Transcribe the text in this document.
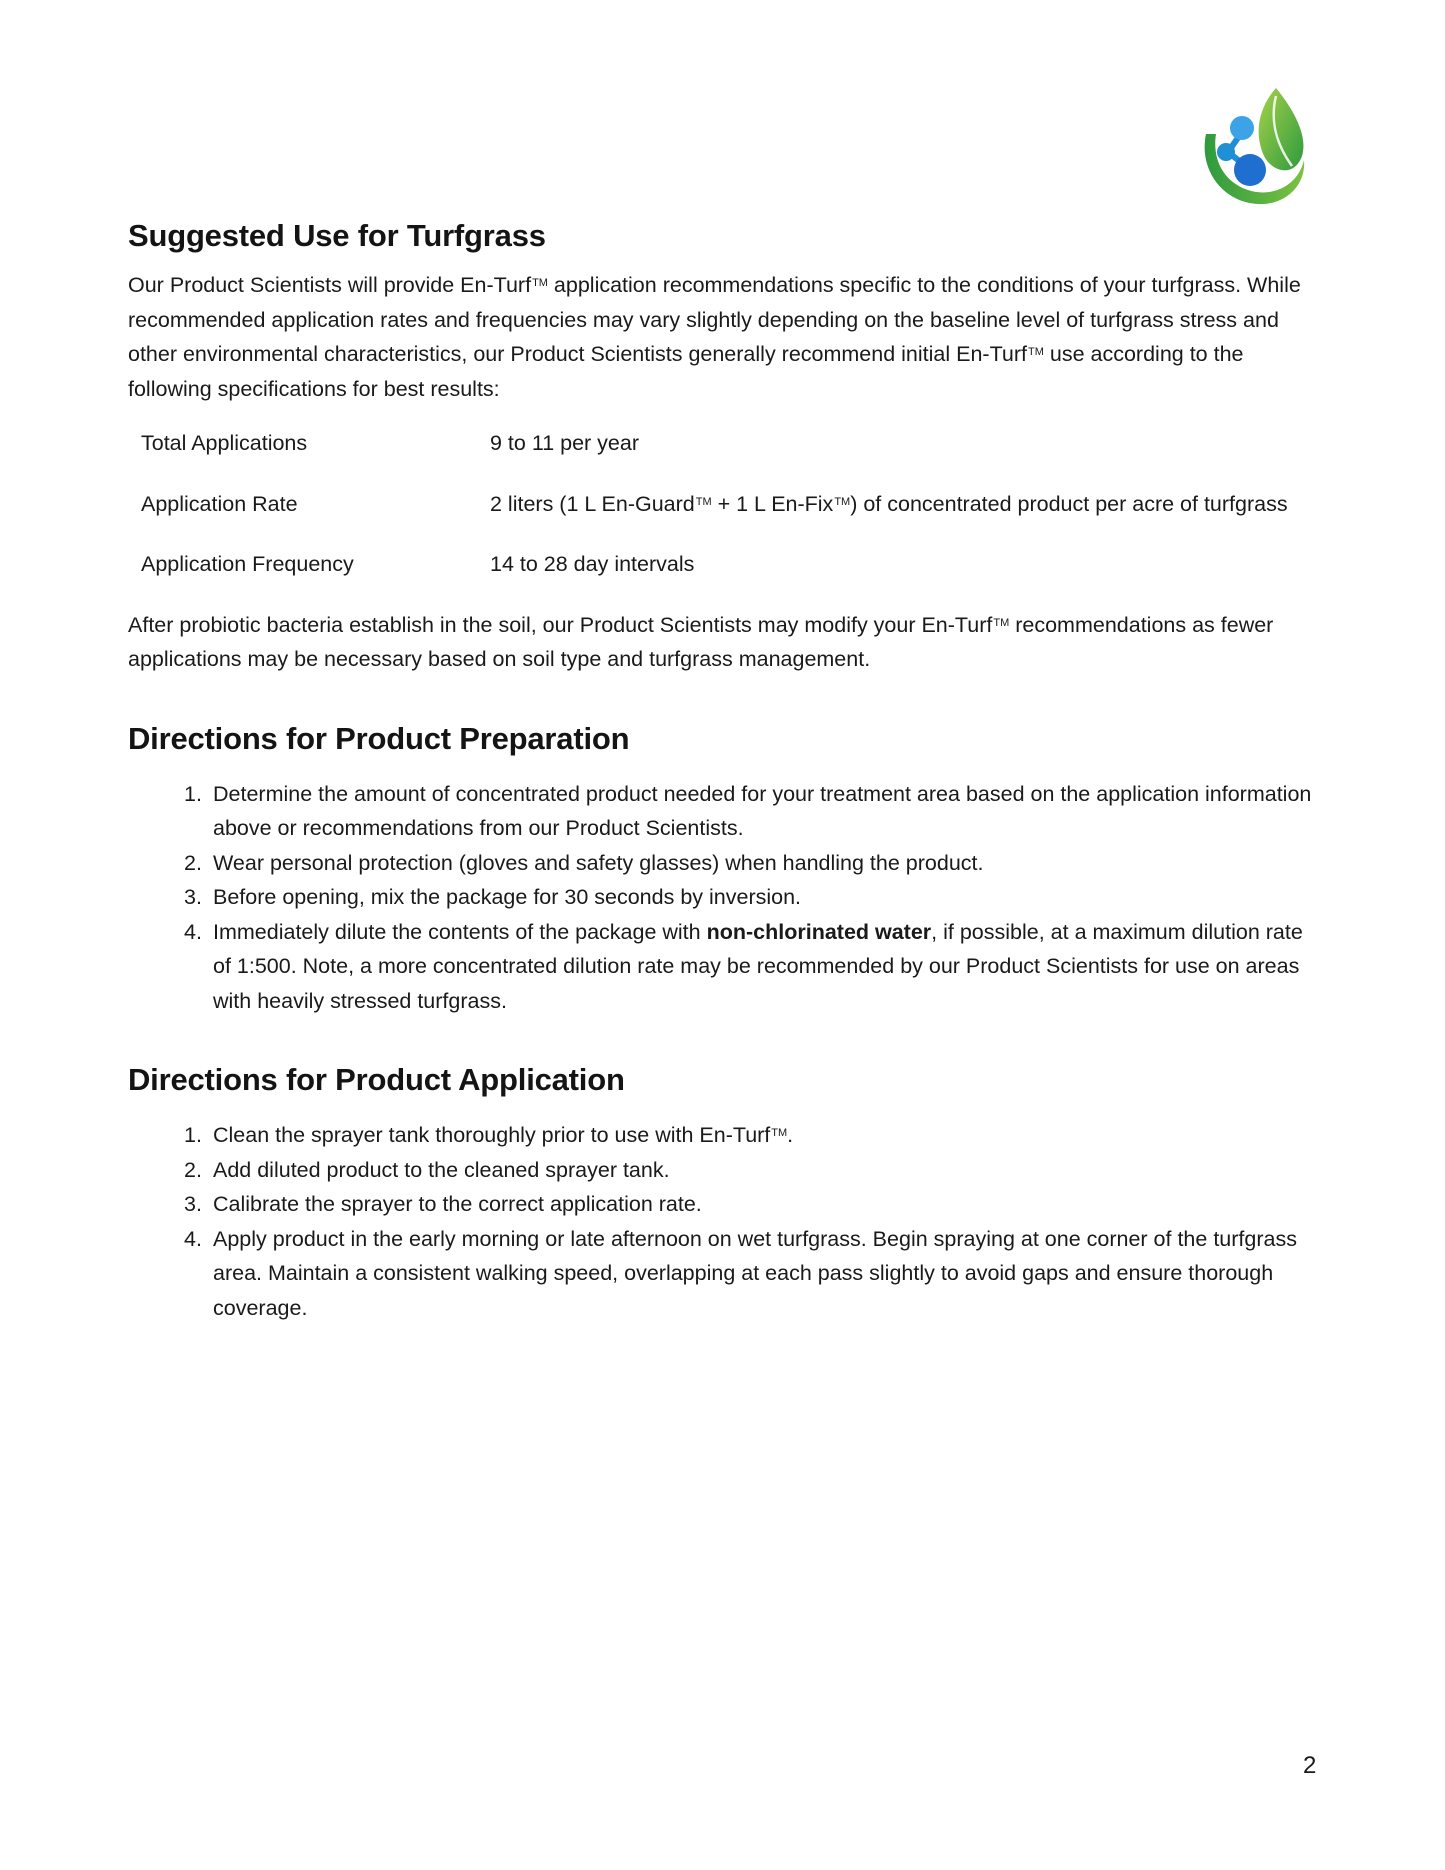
Suggested Use for Turfgrass

Our Product Scientists will provide En-Turf™ application recommendations specific to the conditions of your turfgrass. While recommended application rates and frequencies may vary slightly depending on the baseline level of turfgrass stress and other environmental characteristics, our Product Scientists generally recommend initial En-Turf™ use according to the following specifications for best results:

Total Applications	9 to 11 per year
Application Rate	2 liters (1 L En-Guard™ + 1 L En-Fix™) of concentrated product per acre of turfgrass
Application Frequency	14 to 28 day intervals

After probiotic bacteria establish in the soil, our Product Scientists may modify your En-Turf™ recommendations as fewer applications may be necessary based on soil type and turfgrass management.

Directions for Product Preparation
1. Determine the amount of concentrated product needed for your treatment area based on the application information above or recommendations from our Product Scientists.
2. Wear personal protection (gloves and safety glasses) when handling the product.
3. Before opening, mix the package for 30 seconds by inversion.
4. Immediately dilute the contents of the package with non-chlorinated water, if possible, at a maximum dilution rate of 1:500. Note, a more concentrated dilution rate may be recommended by our Product Scientists for use on areas with heavily stressed turfgrass.
Directions for Product Application
1. Clean the sprayer tank thoroughly prior to use with En-Turf™.
2. Add diluted product to the cleaned sprayer tank.
3. Calibrate the sprayer to the correct application rate.
4. Apply product in the early morning or late afternoon on wet turfgrass. Begin spraying at one corner of the turfgrass area. Maintain a consistent walking speed, overlapping at each pass slightly to avoid gaps and ensure thorough coverage.
2
